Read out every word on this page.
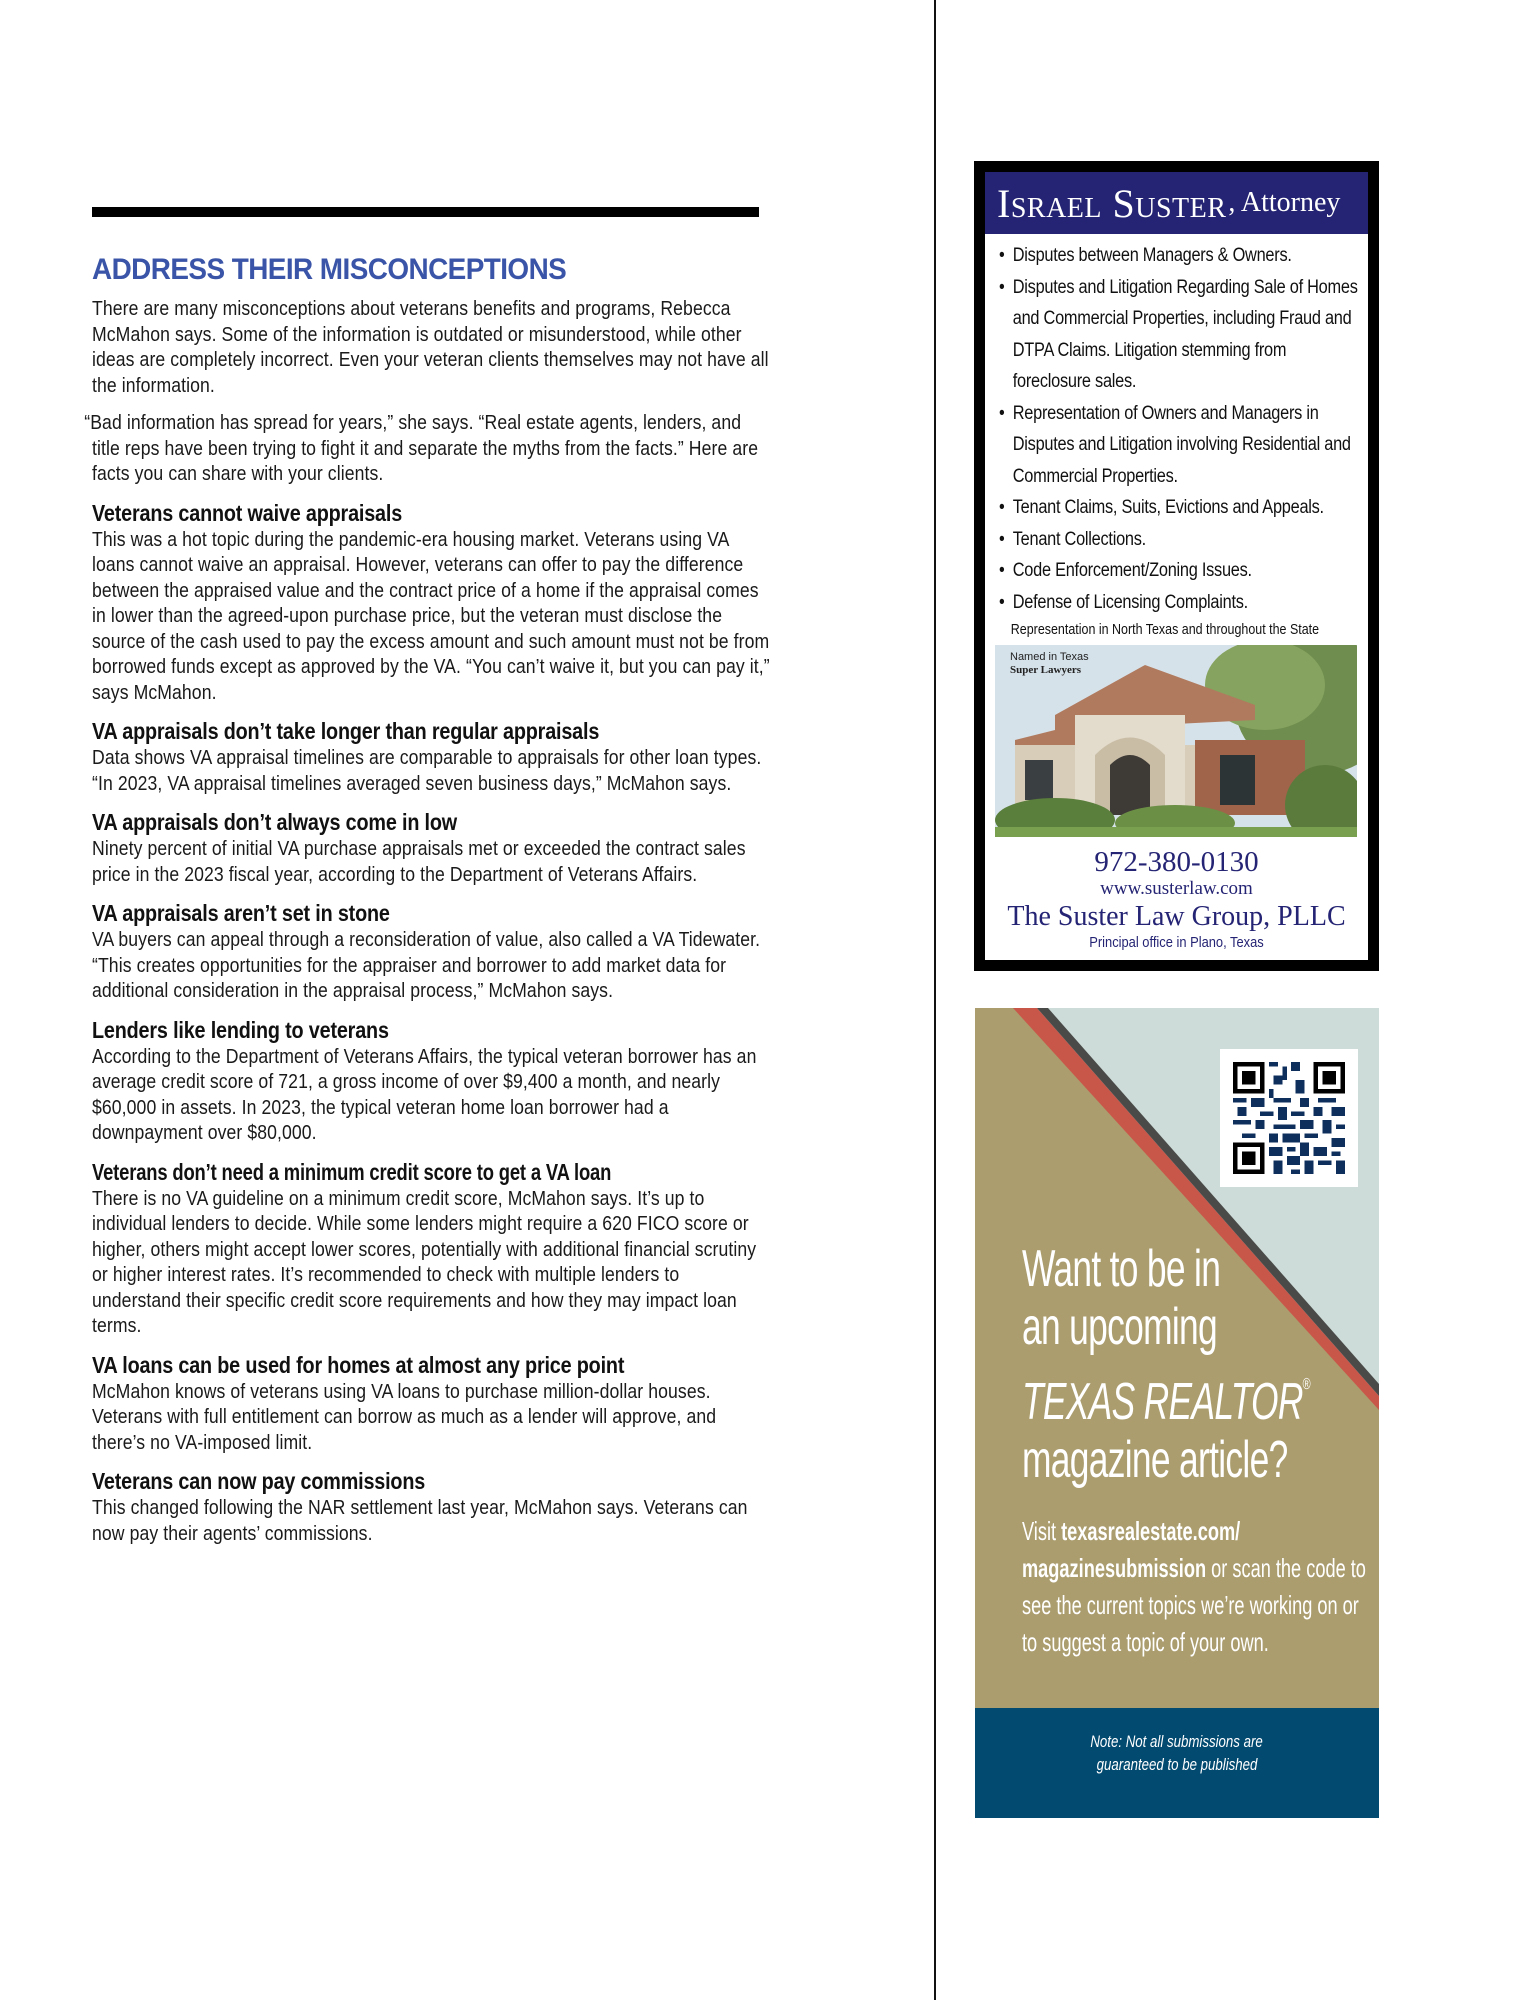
ADDRESS THEIR MISCONCEPTIONS

There are many misconceptions about veterans benefits and programs, Rebecca McMahon says. Some of the information is outdated or misunderstood, while other ideas are completely incorrect. Even your veteran clients themselves may not have all the information.

“Bad information has spread for years,” she says. “Real estate agents, lenders, and title reps have been trying to fight it and separate the myths from the facts.” Here are facts you can share with your clients.

Veterans cannot waive appraisals

This was a hot topic during the pandemic-era housing market. Veterans using VA loans cannot waive an appraisal. However, veterans can offer to pay the difference between the appraised value and the contract price of a home if the appraisal comes in lower than the agreed-upon purchase price, but the veteran must disclose the source of the cash used to pay the excess amount and such amount must not be from borrowed funds except as approved by the VA. “You can’t waive it, but you can pay it,” says McMahon.

VA appraisals don’t take longer than regular appraisals

Data shows VA appraisal timelines are comparable to appraisals for other loan types. “In 2023, VA appraisal timelines averaged seven business days,” McMahon says.

VA appraisals don’t always come in low

Ninety percent of initial VA purchase appraisals met or exceeded the contract sales price in the 2023 fiscal year, according to the Department of Veterans Affairs.

VA appraisals aren’t set in stone

VA buyers can appeal through a reconsideration of value, also called a VA Tidewater. “This creates opportunities for the appraiser and borrower to add market data for additional consideration in the appraisal process,” McMahon says.

Lenders like lending to veterans

According to the Department of Veterans Affairs, the typical veteran borrower has an average credit score of 721, a gross income of over $9,400 a month, and nearly $60,000 in assets. In 2023, the typical veteran home loan borrower had a downpayment over $80,000.

Veterans don’t need a minimum credit score to get a VA loan

There is no VA guideline on a minimum credit score, McMahon says. It’s up to individual lenders to decide. While some lenders might require a 620 FICO score or higher, others might accept lower scores, potentially with additional financial scrutiny or higher interest rates. It’s recommended to check with multiple lenders to understand their specific credit score requirements and how they may impact loan terms.

VA loans can be used for homes at almost any price point

McMahon knows of veterans using VA loans to purchase million-dollar houses. Veterans with full entitlement can borrow as much as a lender will approve, and there’s no VA-imposed limit.

Veterans can now pay commissions

This changed following the NAR settlement last year, McMahon says. Veterans can now pay their agents’ commissions.

Israel Suster , Attorney
• Disputes between Managers & Owners.
• Disputes and Litigation Regarding Sale of Homes and Commercial Properties, including Fraud and DTPA Claims. Litigation stemming from foreclosure sales.
• Representation of Owners and Managers in Disputes and Litigation involving Residential and Commercial Properties.
• Tenant Claims, Suits, Evictions and Appeals.
• Tenant Collections.
• Code Enforcement/Zoning Issues.
• Defense of Licensing Complaints.
Representation in North Texas and throughout the State
Named in Texas
Super Lawyers
972-380-0130
www.susterlaw.com
The Suster Law Group, PLLC
Principal office in Plano, Texas
Want to be in
an upcoming
TEXAS REALTOR®
magazine article?
Visit texasrealestate.com/
magazinesubmission or scan the code to see the current topics we’re working on or to suggest a topic of your own.
Note: Not all submissions are
guaranteed to be published
